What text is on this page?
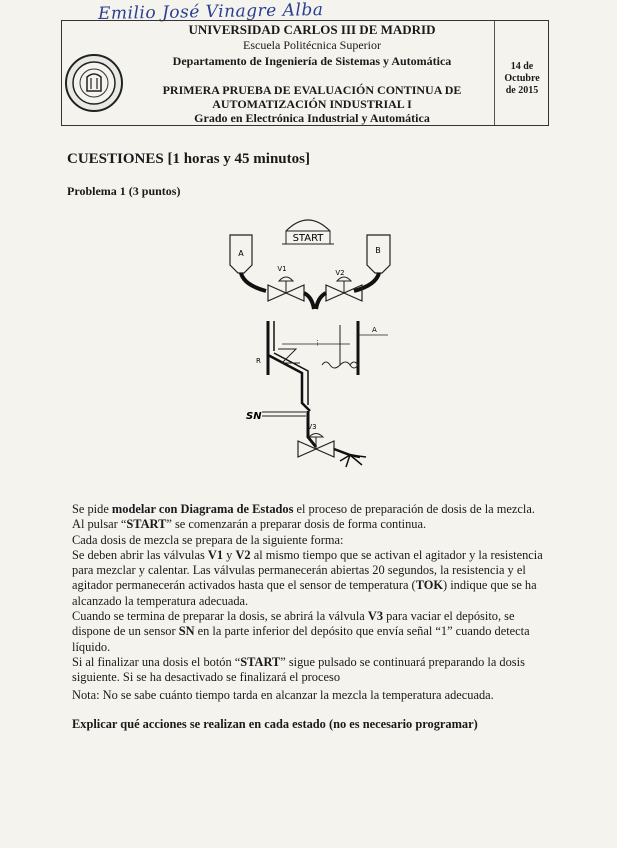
Emilio José Vinagre Alba
UNIVERSIDAD CARLOS III DE MADRID
Escuela Politécnica Superior
Departamento de Ingeniería de Sistemas y Automática
PRIMERA PRUEBA DE EVALUACIÓN CONTINUA DE
AUTOMATIZACIÓN INDUSTRIAL I
Grado en Electrónica Industrial y Automática
14 de
Octubre
de 2015
CUESTIONES [1 horas y 45 minutos]
Problema 1 (3 puntos)
START
A	B
V1	V2
A
R
⋮
SN
V3

Se pide modelar con Diagrama de Estados el proceso de preparación de dosis de la mezcla.

Al pulsar “START” se comenzarán a preparar dosis de forma continua.

Cada dosis de mezcla se prepara de la siguiente forma:

Se deben abrir las válvulas V1 y V2 al mismo tiempo que se activan el agitador y la resistencia para mezclar y calentar. Las válvulas permanecerán abiertas 20 segundos, la resistencia y el agitador permanecerán activados hasta que el sensor de temperatura (TOK) indique que se ha alcanzado la temperatura adecuada.

Cuando se termina de preparar la dosis, se abrirá la válvula V3 para vaciar el depósito, se dispone de un sensor SN en la parte inferior del depósito que envía señal “1” cuando detecta líquido.

Si al finalizar una dosis el botón “START” sigue pulsado se continuará preparando la dosis siguiente. Si se ha desactivado se finalizará el proceso

Nota: No se sabe cuánto tiempo tarda en alcanzar la mezcla la temperatura adecuada.
Explicar qué acciones se realizan en cada estado (no es necesario programar)
